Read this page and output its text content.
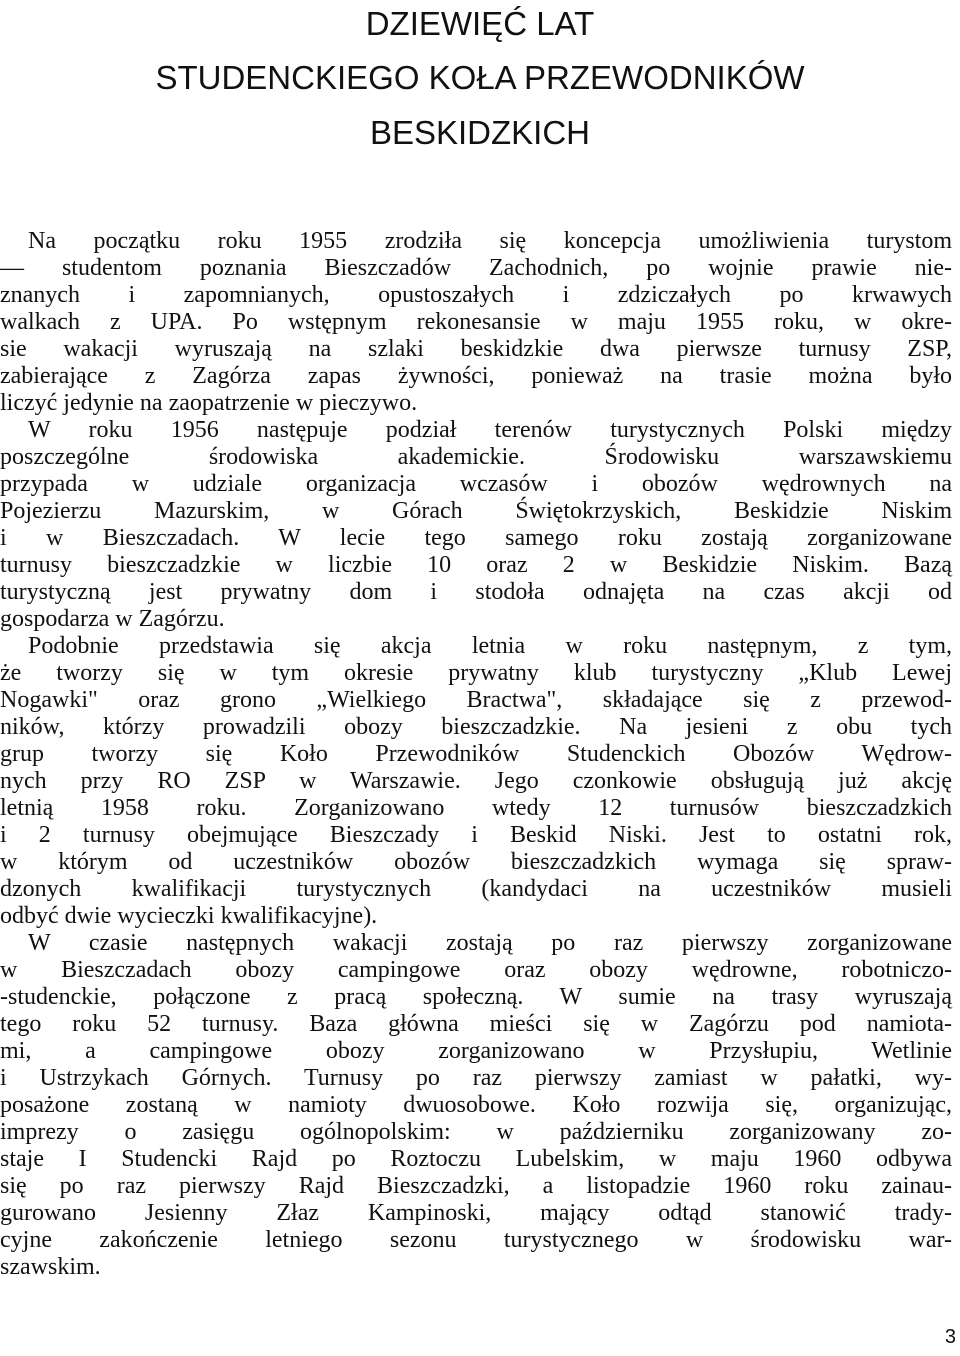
DZIEWIĘĆ LAT
STUDENCKIEGO KOŁA PRZEWODNIKÓW
BESKIDZKICH
Na początku roku 1955 zrodziła się koncepcja umożliwienia turystom
— studentom poznania Bieszczadów Zachodnich, po wojnie prawie nie-
znanych i zapomnianych, opustoszałych i zdziczałych po krwawych
walkach z UPA. Po wstępnym rekonesansie w maju 1955 roku, w okre-
sie wakacji wyruszają na szlaki beskidzkie dwa pierwsze turnusy ZSP,
zabierające z Zagórza zapas żywności, ponieważ na trasie można było
liczyć jedynie na zaopatrzenie w pieczywo.
W roku 1956 następuje podział terenów turystycznych Polski między
poszczególne środowiska akademickie. Środowisku warszawskiemu
przypada w udziale organizacja wczasów i obozów wędrownych na
Pojezierzu Mazurskim, w Górach Świętokrzyskich, Beskidzie Niskim
i w Bieszczadach. W lecie tego samego roku zostają zorganizowane
turnusy bieszczadzkie w liczbie 10 oraz 2 w Beskidzie Niskim. Bazą
turystyczną jest prywatny dom i stodoła odnajęta na czas akcji od
gospodarza w Zagórzu.
Podobnie przedstawia się akcja letnia w roku następnym, z tym,
że tworzy się w tym okresie prywatny klub turystyczny „Klub Lewej
Nogawki" oraz grono „Wielkiego Bractwa", składające się z przewod-
ników, którzy prowadzili obozy bieszczadzkie. Na jesieni z obu tych
grup tworzy się Koło Przewodników Studenckich Obozów Wędrow-
nych przy RO ZSP w Warszawie. Jego czonkowie obsługują już akcję
letnią 1958 roku. Zorganizowano wtedy 12 turnusów bieszczadzkich
i 2 turnusy obejmujące Bieszczady i Beskid Niski. Jest to ostatni rok,
w którym od uczestników obozów bieszczadzkich wymaga się spraw-
dzonych kwalifikacji turystycznych (kandydaci na uczestników musieli
odbyć dwie wycieczki kwalifikacyjne).
W czasie następnych wakacji zostają po raz pierwszy zorganizowane
w Bieszczadach obozy campingowe oraz obozy wędrowne, robotniczo-
-studenckie, połączone z pracą społeczną. W sumie na trasy wyruszają
tego roku 52 turnusy. Baza główna mieści się w Zagórzu pod namiota-
mi, a campingowe obozy zorganizowano w Przysłupiu, Wetlinie
i Ustrzykach Górnych. Turnusy po raz pierwszy zamiast w pałatki, wy-
posażone zostaną w namioty dwuosobowe. Koło rozwija się, organizując,
imprezy o zasięgu ogólnopolskim: w październiku zorganizowany zo-
staje I Studencki Rajd po Roztoczu Lubelskim, w maju 1960 odbywa
się po raz pierwszy Rajd Bieszczadzki, a listopadzie 1960 roku zainau-
gurowano Jesienny Złaz Kampinoski, mający odtąd stanowić trady-
cyjne zakończenie letniego sezonu turystycznego w środowisku war-
szawskim.
3
